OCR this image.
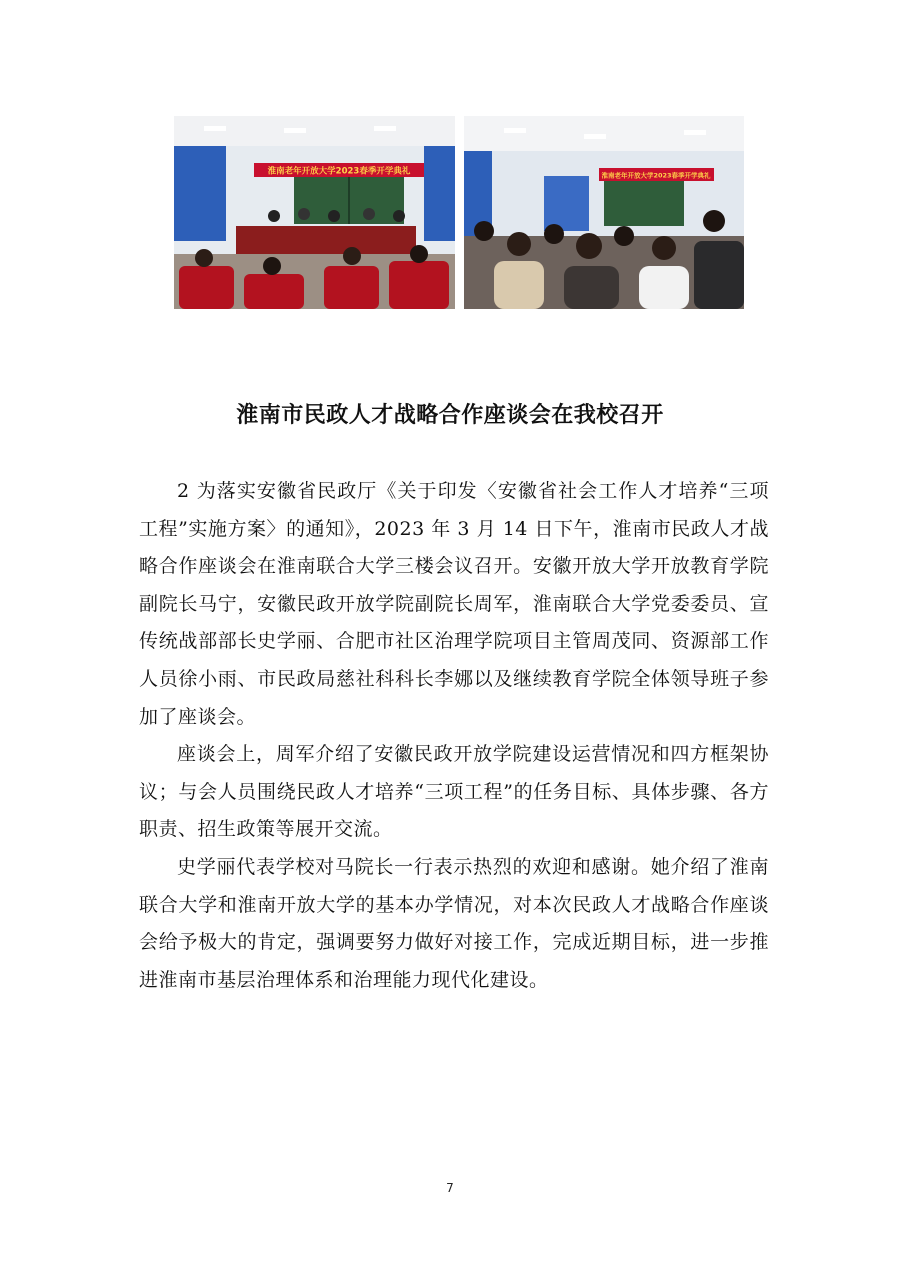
淮南老年开放大学2023春季开学典礼	淮南老年开放大学2023春季开学典礼
淮南市民政人才战略合作座谈会在我校召开

2 为落实安徽省民政厅《关于印发〈安徽省社会工作人才培养“三项工程”实施方案〉的通知》，2023 年 3 月 14 日下午，淮南市民政人才战略合作座谈会在淮南联合大学三楼会议召开。安徽开放大学开放教育学院副院长马宁，安徽民政开放学院副院长周军，淮南联合大学党委委员、宣传统战部部长史学丽、合肥市社区治理学院项目主管周茂同、资源部工作人员徐小雨、市民政局慈社科科长李娜以及继续教育学院全体领导班子参加了座谈会。

座谈会上，周军介绍了安徽民政开放学院建设运营情况和四方框架协议；与会人员围绕民政人才培养“三项工程”的任务目标、具体步骤、各方职责、招生政策等展开交流。

史学丽代表学校对马院长一行表示热烈的欢迎和感谢。她介绍了淮南联合大学和淮南开放大学的基本办学情况，对本次民政人才战略合作座谈会给予极大的肯定，强调要努力做好对接工作，完成近期目标，进一步推进淮南市基层治理体系和治理能力现代化建设。

7
